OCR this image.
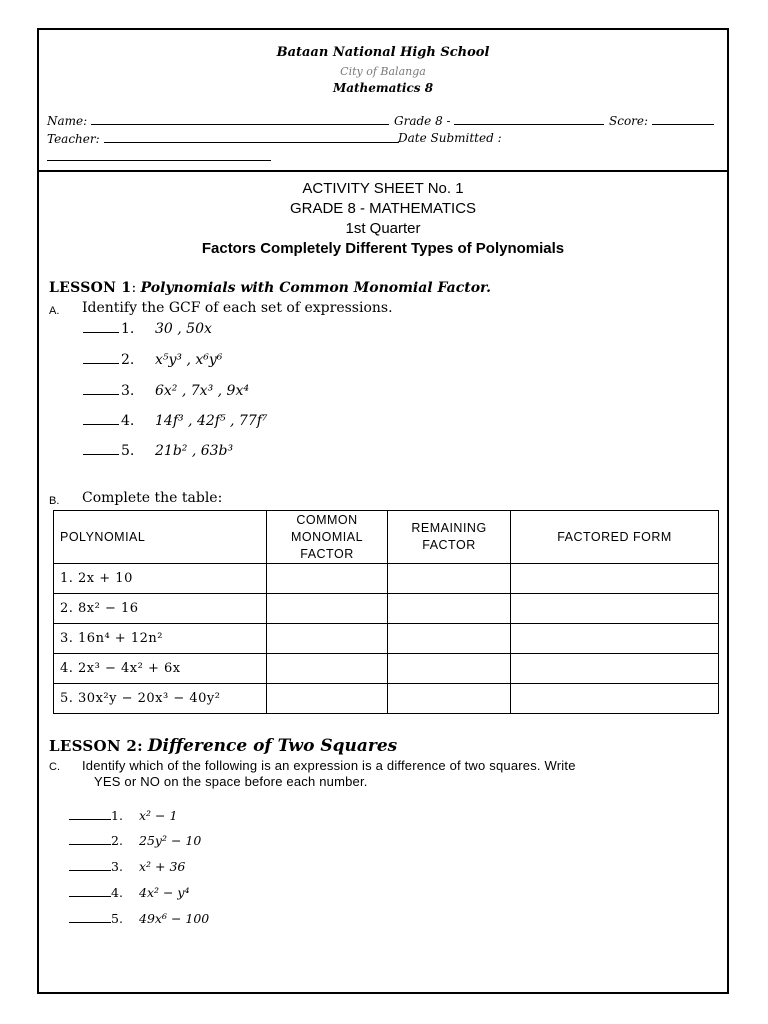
Bataan National High School
City of Balanga
Mathematics 8
Name:	Grade 8 -	Score:
Teacher:	Date Submitted :
ACTIVITY SHEET No. 1
GRADE 8 - MATHEMATICS
1st Quarter
Factors Completely Different Types of Polynomials
LESSON 1: Polynomials with Common Monomial Factor.
A. Identify the GCF of each set of expressions.
1. 30 , 50x
2. x⁵y³ , x⁶y⁶
3. 6x² , 7x³ , 9x⁴
4. 14f³ , 42f⁵ , 77f⁷
5. 21b² , 63b³
B. Complete the table:
POLYNOMIAL	COMMON MONOMIAL FACTOR	REMAINING FACTOR	FACTORED FORM
1. 2x + 10			
2. 8x² − 16			
3. 16n⁴ + 12n²			
4. 2x³ − 4x² + 6x			
5. 30x²y − 20x³ − 40y²			
LESSON 2: Difference of Two Squares
C. Identify which of the following is an expression is a difference of two squares. Write
YES or NO on the space before each number.
1. x² − 1
2. 25y² − 10
3. x² + 36
4. 4x² − y⁴
5. 49x⁶ − 100
